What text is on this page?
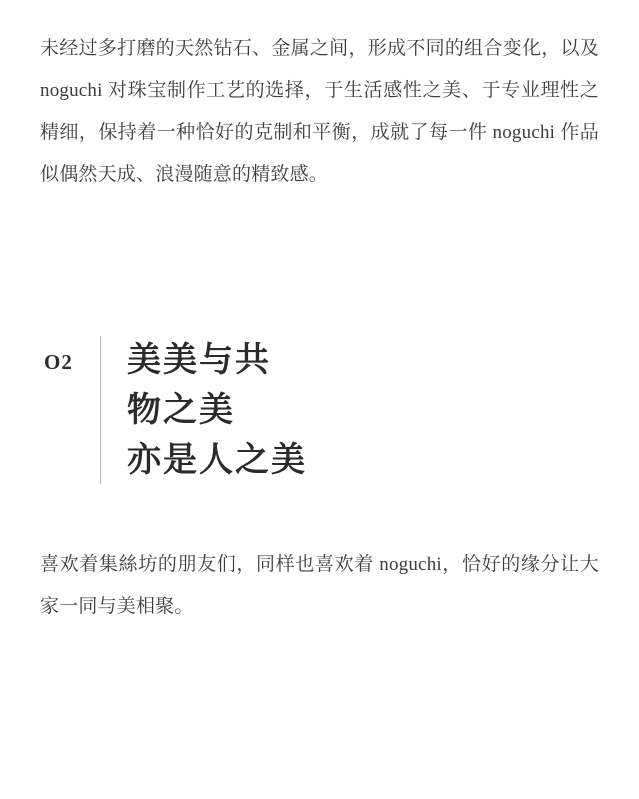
未经过多打磨的天然钻石、金属之间，形成不同的组合变化，以及 noguchi 对珠宝制作工艺的选择，于生活感性之美、于专业理性之精细，保持着一种恰好的克制和平衡，成就了每一件 noguchi 作品似偶然天成、浪漫随意的精致感。

O2	美美与共
物之美
亦是人之美

喜欢着集絲坊的朋友们，同样也喜欢着 noguchi，恰好的缘分让大家一同与美相聚。
